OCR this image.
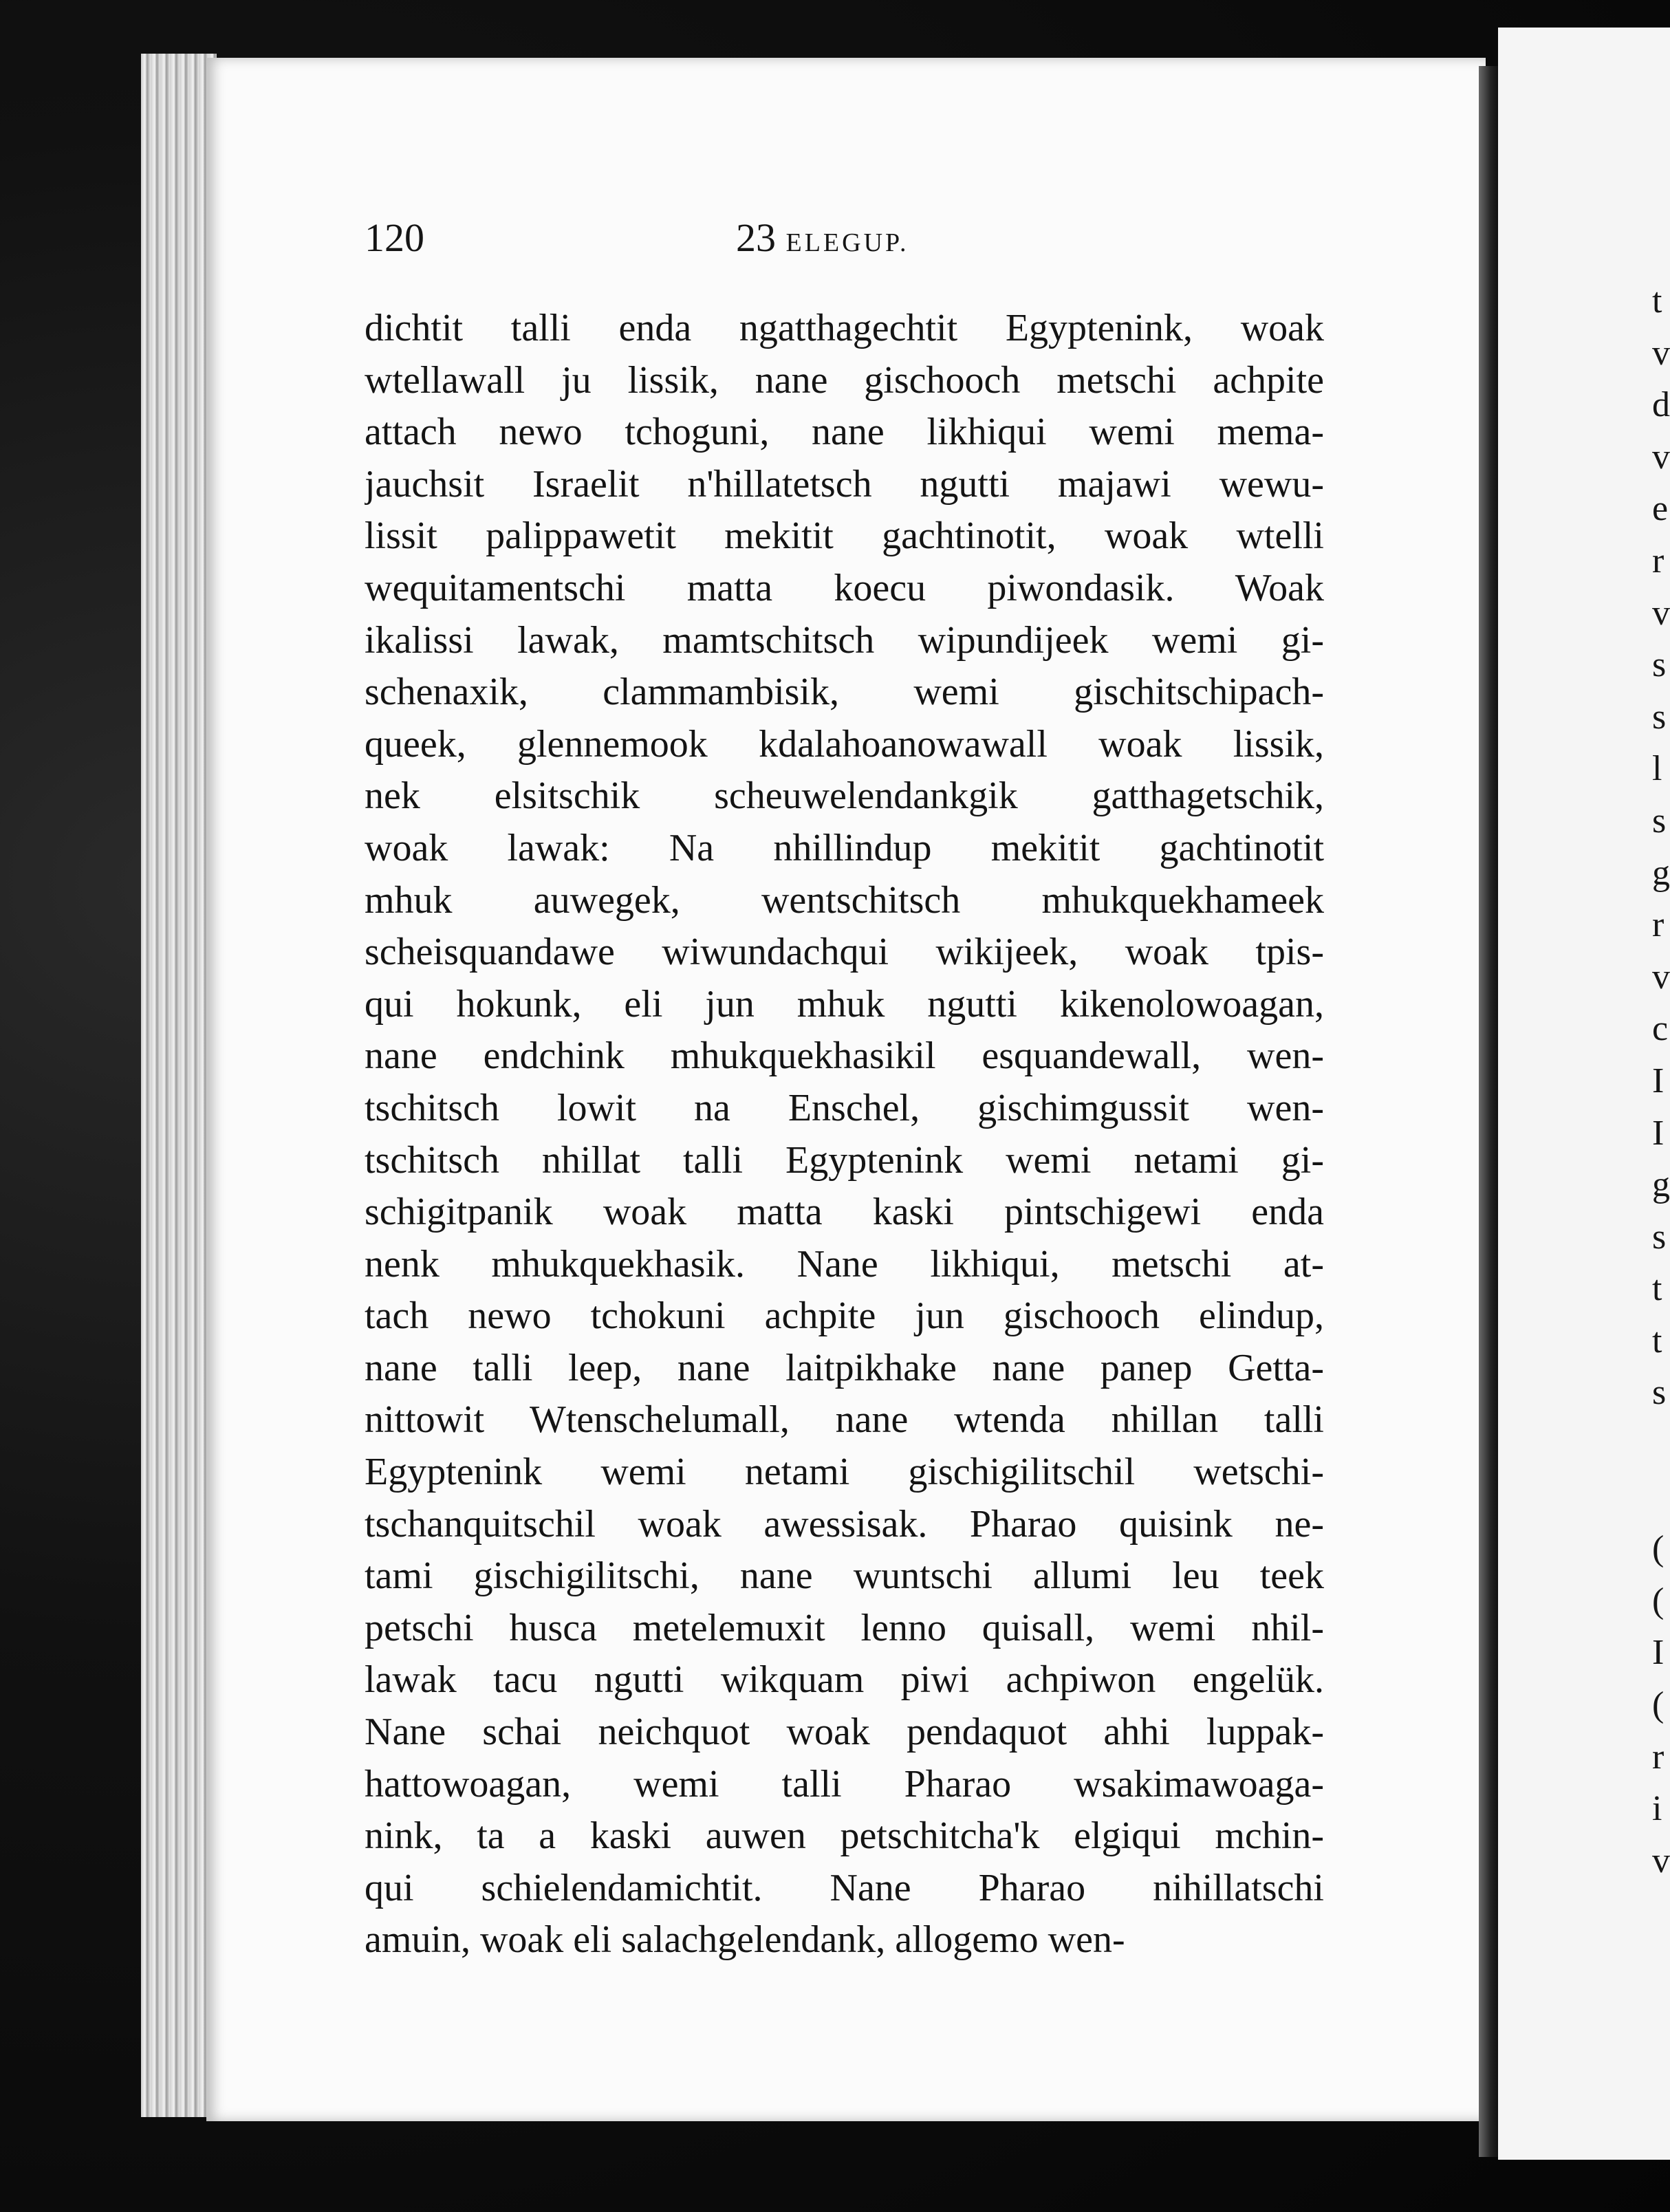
120	23 ELEGUP.
dichtit talli enda ngatthagechtit Egyptenink, woak
wtellawall ju lissik, nane gischooch metschi achpite
attach newo tchoguni, nane likhiqui wemi mema-
jauchsit Israelit n'hillatetsch ngutti majawi wewu-
lissit palippawetit mekitit gachtinotit, woak wtelli
wequitamentschi matta koecu piwondasik. Woak
ikalissi lawak, mamtschitsch wipundijeek wemi gi-
schenaxik, clammambisik, wemi gischitschipach-
queek, glennemook kdalahoanowawall woak lissik,
nek elsitschik scheuwelendankgik gatthagetschik,
woak lawak: Na nhillindup mekitit gachtinotit
mhuk auwegek, wentschitsch mhukquekhameek
scheisquandawe wiwundachqui wikijeek, woak tpis-
qui hokunk, eli jun mhuk ngutti kikenolowoagan,
nane endchink mhukquekhasikil esquandewall, wen-
tschitsch lowit na Enschel, gischimgussit wen-
tschitsch nhillat talli Egyptenink wemi netami gi-
schigitpanik woak matta kaski pintschigewi enda
nenk mhukquekhasik. Nane likhiqui, metschi at-
tach newo tchokuni achpite jun gischooch elindup,
nane talli leep, nane laitpikhake nane panep Getta-
nittowit Wtenschelumall, nane wtenda nhillan talli
Egyptenink wemi netami gischigilitschil wetschi-
tschanquitschil woak awessisak. Pharao quisink ne-
tami gischigilitschi, nane wuntschi allumi leu teek
petschi husca metelemuxit lenno quisall, wemi nhil-
lawak tacu ngutti wikquam piwi achpiwon engelük.
Nane schai neichquot woak pendaquot ahhi luppak-
hattowoagan, wemi talli Pharao wsakimawoaga-
nink, ta a kaski auwen petschitcha'k elgiqui mchin-
qui schielendamichtit. Nane Pharao nihillatschi
amuin, woak eli salachgelendank, allogemo wen-
t
v
d
v
e
r
v
s
s
l
s
g
r
v
c
I
I
g
s
t
t
s
(
(
I
(
r
i
v
